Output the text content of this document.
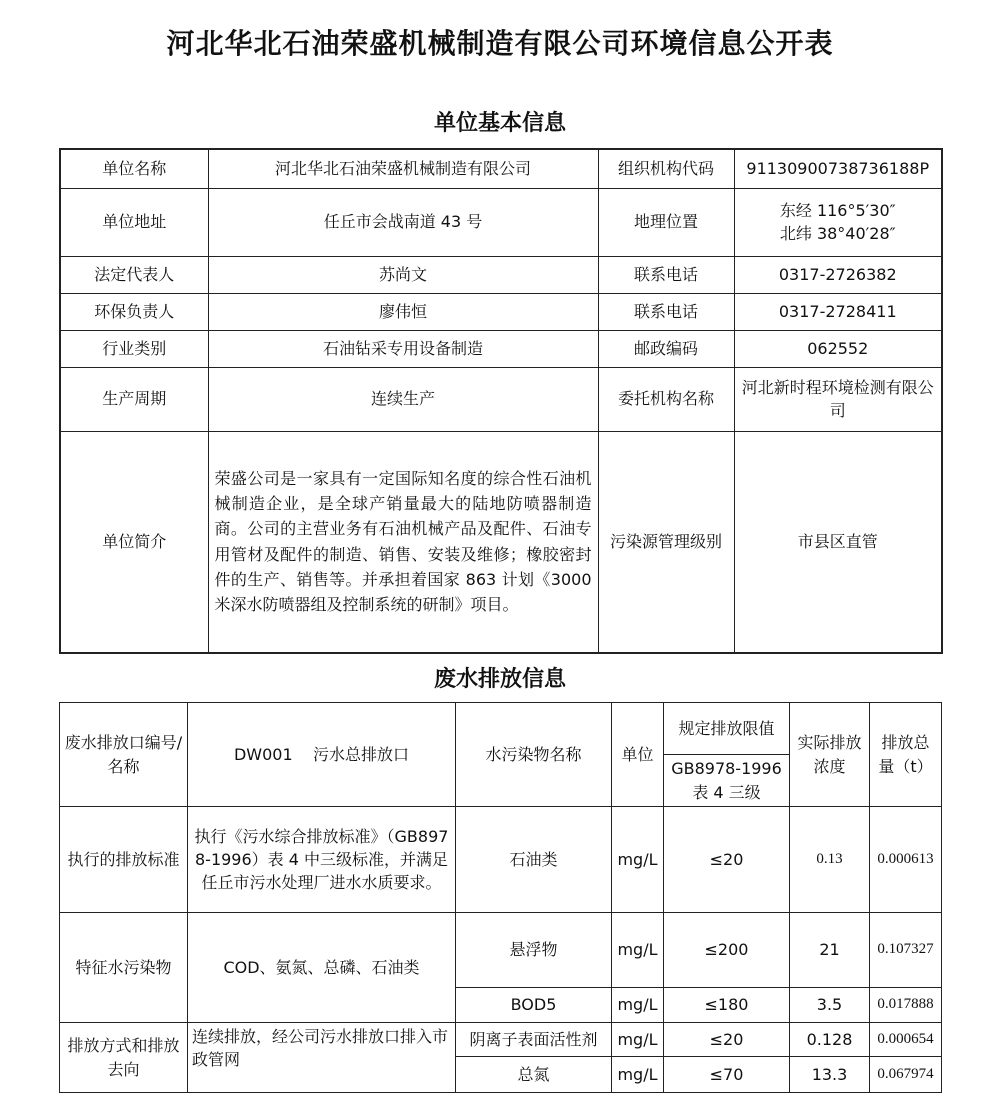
河北华北石油荣盛机械制造有限公司环境信息公开表
单位基本信息
单位名称	河北华北石油荣盛机械制造有限公司	组织机构代码	91130900738736188P
单位地址	任丘市会战南道 43 号	地理位置	东经 116°5′30″
北纬 38°40′28″

法定代表人	苏尚文	联系电话	0317-2726382
环保负责人	廖伟恒	联系电话	0317-2728411
行业类别	石油钻采专用设备制造	邮政编码	062552
生产周期	连续生产	委托机构名称	河北新时程环境检测有限公司
单位简介	荣盛公司是一家具有一定国际知名度的综合性石油机械制造企业，是全球产销量最大的陆地防喷器制造商。公司的主营业务有石油机械产品及配件、石油专用管材及配件的制造、销售、安装及维修；橡胶密封件的生产、销售等。并承担着国家 863 计划《3000 米深水防喷器组及控制系统的研制》项目。	污染源管理级别	市县区直管
废水排放信息
废水排放口编号/名称	DW001    污水总排放口	水污染物名称	单位	规定排放限值	实际排放浓度	排放总量（t）
				GB8978-1996 表 4 三级		
执行的排放标准	执行《污水综合排放标准》（GB8978-1996）表 4 中三级标准，并满足任丘市污水处理厂进水水质要求。	石油类	mg/L	≤20	0.13	0.000613
特征水污染物	COD、氨氮、总磷、石油类	悬浮物	mg/L	≤200	21	0.107327
		BOD5	mg/L	≤180	3.5	0.017888
排放方式和排放去向	连续排放，经公司污水排放口排入市政管网	阴离子表面活性剂	mg/L	≤20	0.128	0.000654
		总氮	mg/L	≤70	13.3	0.067974
